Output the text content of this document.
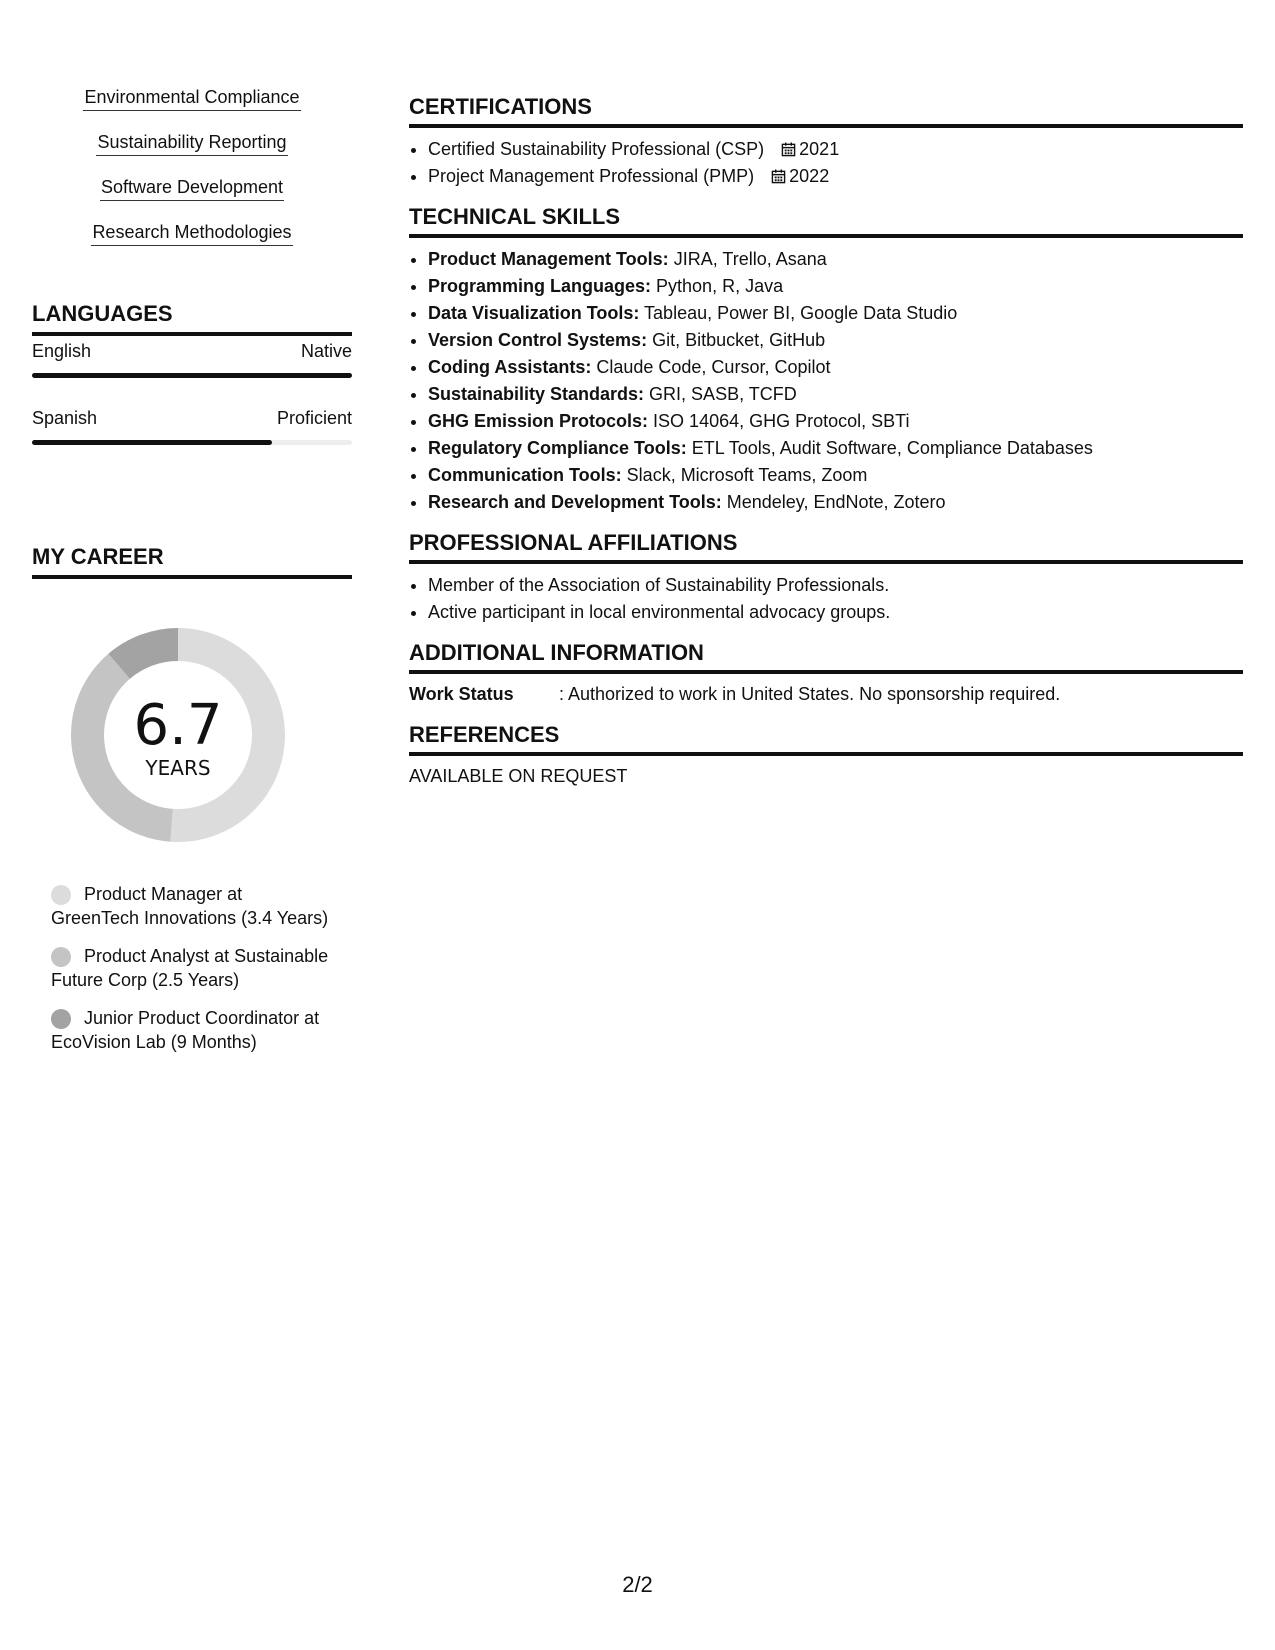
Environmental Compliance
Sustainability Reporting
Software Development
Research Methodologies
LANGUAGES
English	Native
Spanish	Proficient
MY CAREER
6.7
YEARS
Product Manager at GreenTech Innovations (3.4 Years)
Product Analyst at Sustainable Future Corp (2.5 Years)
Junior Product Coordinator at EcoVision Lab (9 Months)
CERTIFICATIONS
• Certified Sustainability Professional (CSP) 2021
• Project Management Professional (PMP) 2022
TECHNICAL SKILLS
• Product Management Tools: JIRA, Trello, Asana
• Programming Languages: Python, R, Java
• Data Visualization Tools: Tableau, Power BI, Google Data Studio
• Version Control Systems: Git, Bitbucket, GitHub
• Coding Assistants: Claude Code, Cursor, Copilot
• Sustainability Standards: GRI, SASB, TCFD
• GHG Emission Protocols: ISO 14064, GHG Protocol, SBTi
• Regulatory Compliance Tools: ETL Tools, Audit Software, Compliance Databases
• Communication Tools: Slack, Microsoft Teams, Zoom
• Research and Development Tools: Mendeley, EndNote, Zotero
PROFESSIONAL AFFILIATIONS
• Member of the Association of Sustainability Professionals.
• Active participant in local environmental advocacy groups.
ADDITIONAL INFORMATION
Work Status	: Authorized to work in United States. No sponsorship required.
REFERENCES
AVAILABLE ON REQUEST
2/2
